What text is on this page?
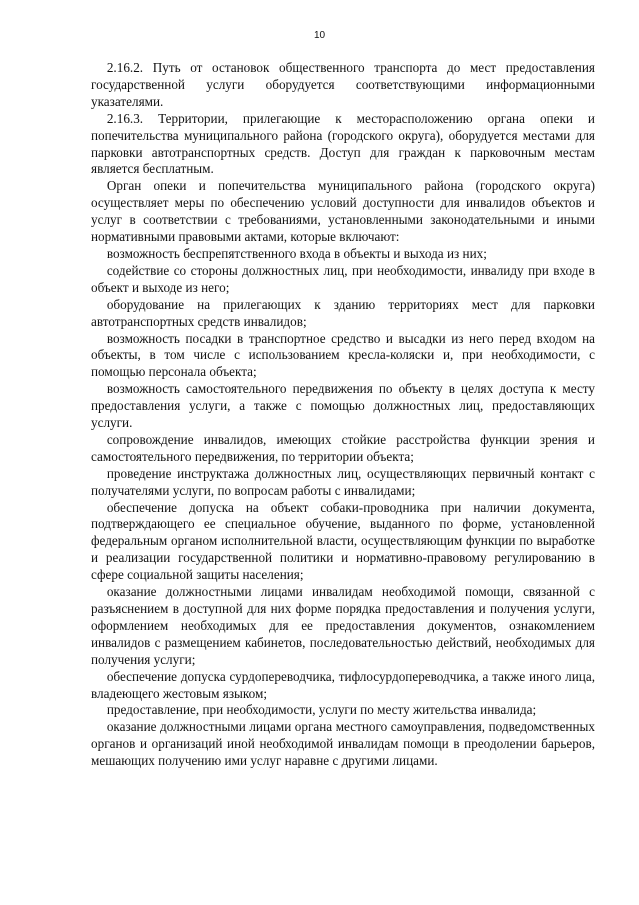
10

2.16.2. Путь от остановок общественного транспорта до мест предоставления государственной услуги оборудуется соответствующими информационными указателями.

2.16.3. Территории, прилегающие к месторасположению органа опеки и попечительства муниципального района (городского округа), оборудуется местами для парковки автотранспортных средств. Доступ для граждан к парковочным местам является бесплатным.

Орган опеки и попечительства муниципального района (городского округа) осуществляет меры по обеспечению условий доступности для инвалидов объектов и услуг в соответствии с требованиями, установленными законодательными и иными нормативными правовыми актами, которые включают:

возможность беспрепятственного входа в объекты и выхода из них;

содействие со стороны должностных лиц, при необходимости, инвалиду при входе в объект и выходе из него;

оборудование на прилегающих к зданию территориях мест для парковки автотранспортных средств инвалидов;

возможность посадки в транспортное средство и высадки из него перед входом на объекты, в том числе с использованием кресла-коляски и, при необходимости, с помощью персонала объекта;

возможность самостоятельного передвижения по объекту в целях доступа к месту предоставления услуги, а также с помощью должностных лиц, предоставляющих услуги.

сопровождение инвалидов, имеющих стойкие расстройства функции зрения и самостоятельного передвижения, по территории объекта;

проведение инструктажа должностных лиц, осуществляющих первичный контакт с получателями услуги, по вопросам работы с инвалидами;

обеспечение допуска на объект собаки-проводника при наличии документа, подтверждающего ее специальное обучение, выданного по форме, установленной федеральным органом исполнительной власти, осуществляющим функции по выработке и реализации государственной политики и нормативно-правовому регулированию в сфере социальной защиты населения;

оказание должностными лицами инвалидам необходимой помощи, связанной с разъяснением в доступной для них форме порядка предоставления и получения услуги, оформлением необходимых для ее предоставления документов, ознакомлением инвалидов с размещением кабинетов, последовательностью действий, необходимых для получения услуги;

обеспечение допуска сурдопереводчика, тифлосурдопереводчика, а также иного лица, владеющего жестовым языком;

предоставление, при необходимости, услуги по месту жительства инвалида;

оказание должностными лицами органа местного самоуправления, подведомственных органов и организаций иной необходимой инвалидам помощи в преодолении барьеров, мешающих получению ими услуг наравне с другими лицами.
